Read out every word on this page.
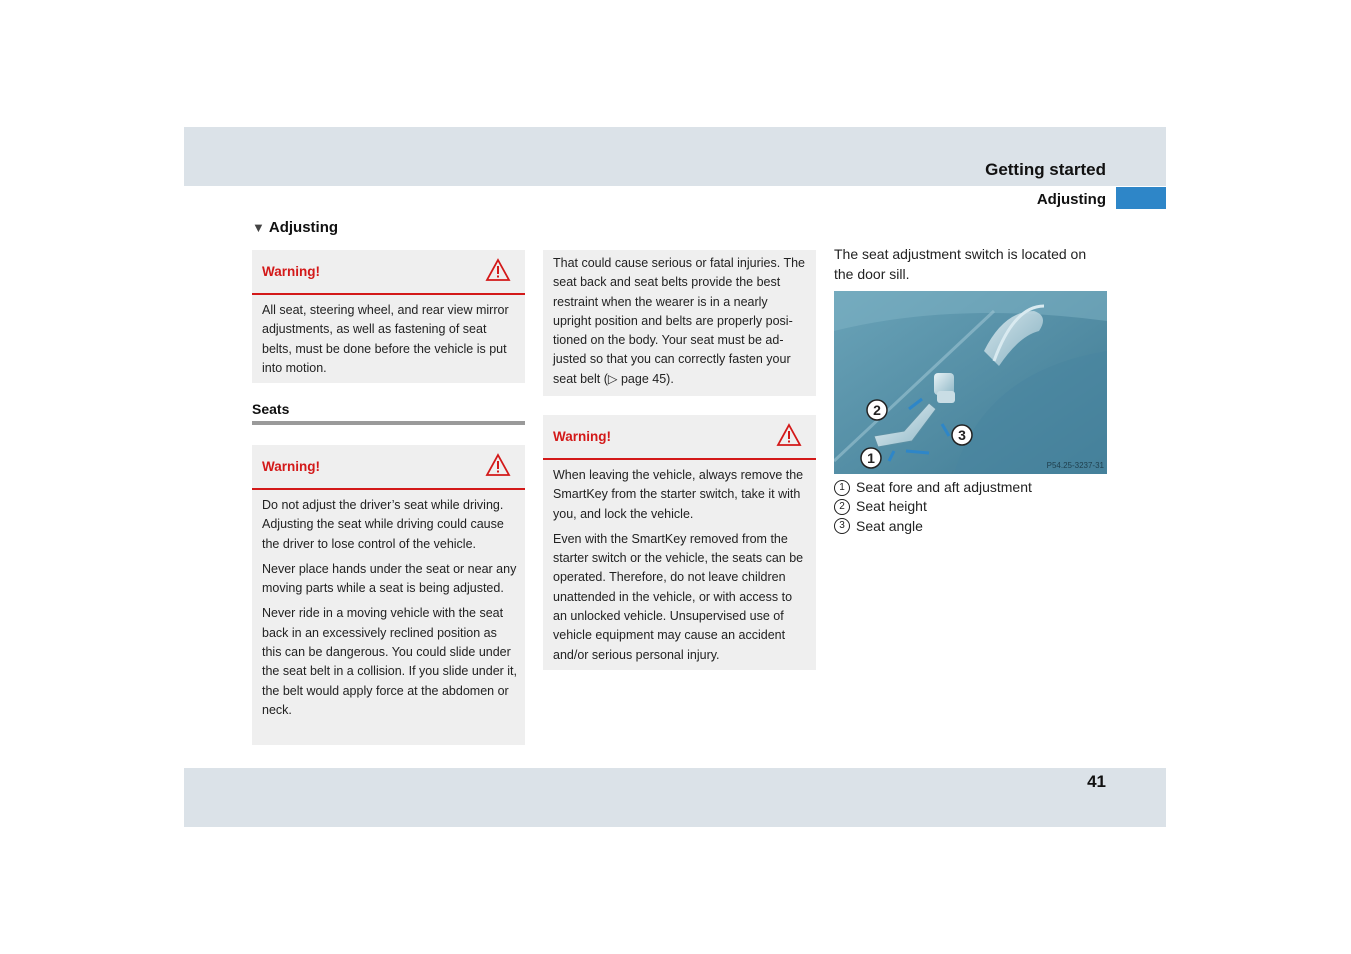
Getting started
Adjusting
▼ Adjusting
Warning!

All seat, steering wheel, and rear view mirror adjustments, as well as fastening of seat belts, must be done before the vehicle is put into motion.

Seats
Warning!

Do not adjust the driver’s seat while driving. Adjusting the seat while driving could cause the driver to lose control of the vehicle.

Never place hands under the seat or near any moving parts while a seat is being adjusted.

Never ride in a moving vehicle with the seat back in an excessively reclined position as this can be dangerous. You could slide under the seat belt in a collision. If you slide under it, the belt would apply force at the abdomen or neck.

That could cause serious or fatal injuries. The seat back and seat belts provide the best restraint when the wearer is in a nearly upright position and belts are properly positioned on the body. Your seat must be adjusted so that you can correctly fasten your seat belt (▷ page 45).

Warning!

When leaving the vehicle, always remove the SmartKey from the starter switch, take it with you, and lock the vehicle.

Even with the SmartKey removed from the starter switch or the vehicle, the seats can be operated. Therefore, do not leave children unattended in the vehicle, or with access to an unlocked vehicle. Unsupervised use of vehicle equipment may cause an accident and/or serious personal injury.

The seat adjustment switch is located on the door sill.
1
2
3
P54.25-3237-31
1 Seat fore and aft adjustment
2 Seat height
3 Seat angle
41
